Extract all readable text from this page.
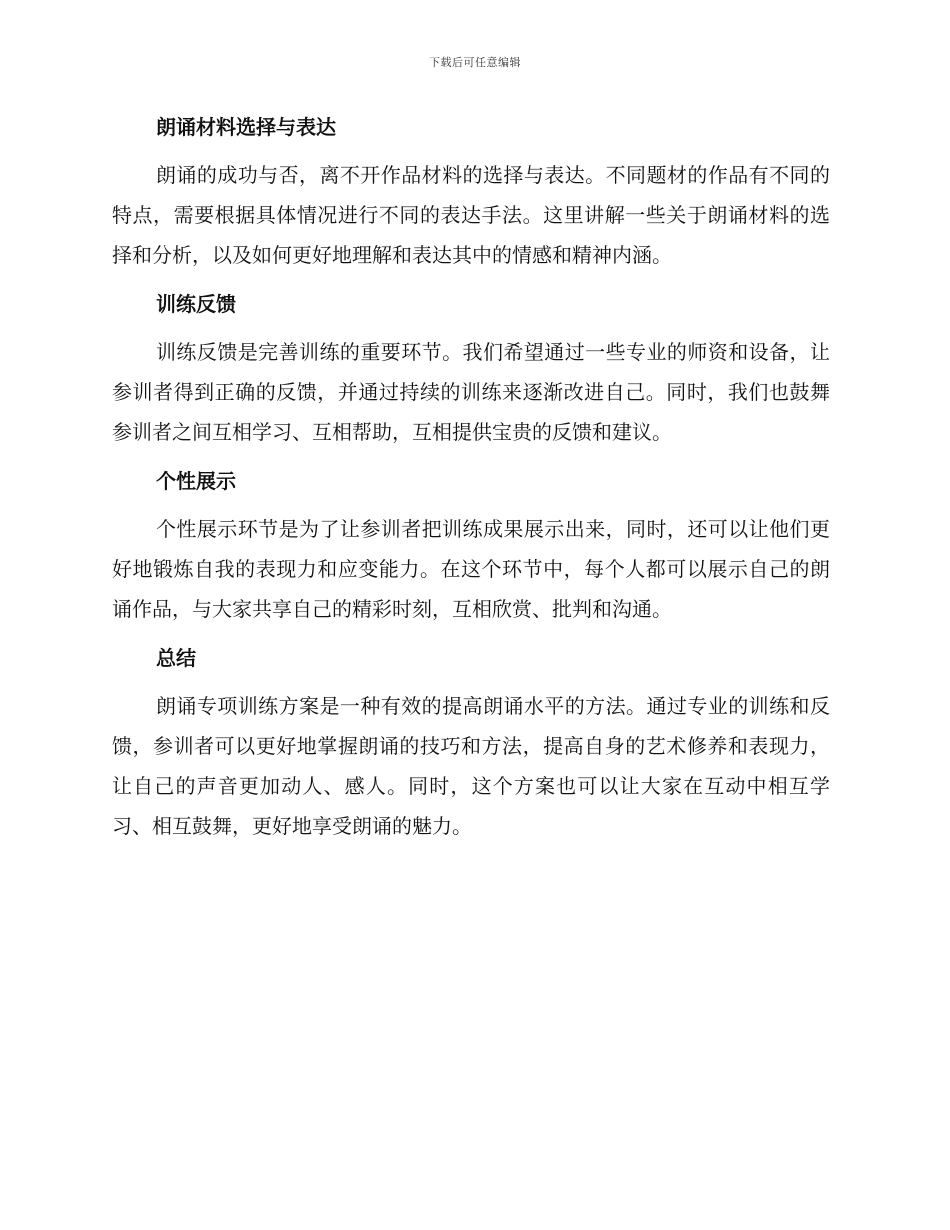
下载后可任意编辑
朗诵材料选择与表达

朗诵的成功与否，离不开作品材料的选择与表达。不同题材的作品有不同的特点，需要根据具体情况进行不同的表达手法。这里讲解一些关于朗诵材料的选择和分析，以及如何更好地理解和表达其中的情感和精神内涵。

训练反馈

训练反馈是完善训练的重要环节。我们希望通过一些专业的师资和设备，让参训者得到正确的反馈，并通过持续的训练来逐渐改进自己。同时，我们也鼓舞参训者之间互相学习、互相帮助，互相提供宝贵的反馈和建议。

个性展示

个性展示环节是为了让参训者把训练成果展示出来，同时，还可以让他们更好地锻炼自我的表现力和应变能力。在这个环节中，每个人都可以展示自己的朗诵作品，与大家共享自己的精彩时刻，互相欣赏、批判和沟通。

总结

朗诵专项训练方案是一种有效的提高朗诵水平的方法。通过专业的训练和反馈，参训者可以更好地掌握朗诵的技巧和方法，提高自身的艺术修养和表现力，让自己的声音更加动人、感人。同时，这个方案也可以让大家在互动中相互学习、相互鼓舞，更好地享受朗诵的魅力。
